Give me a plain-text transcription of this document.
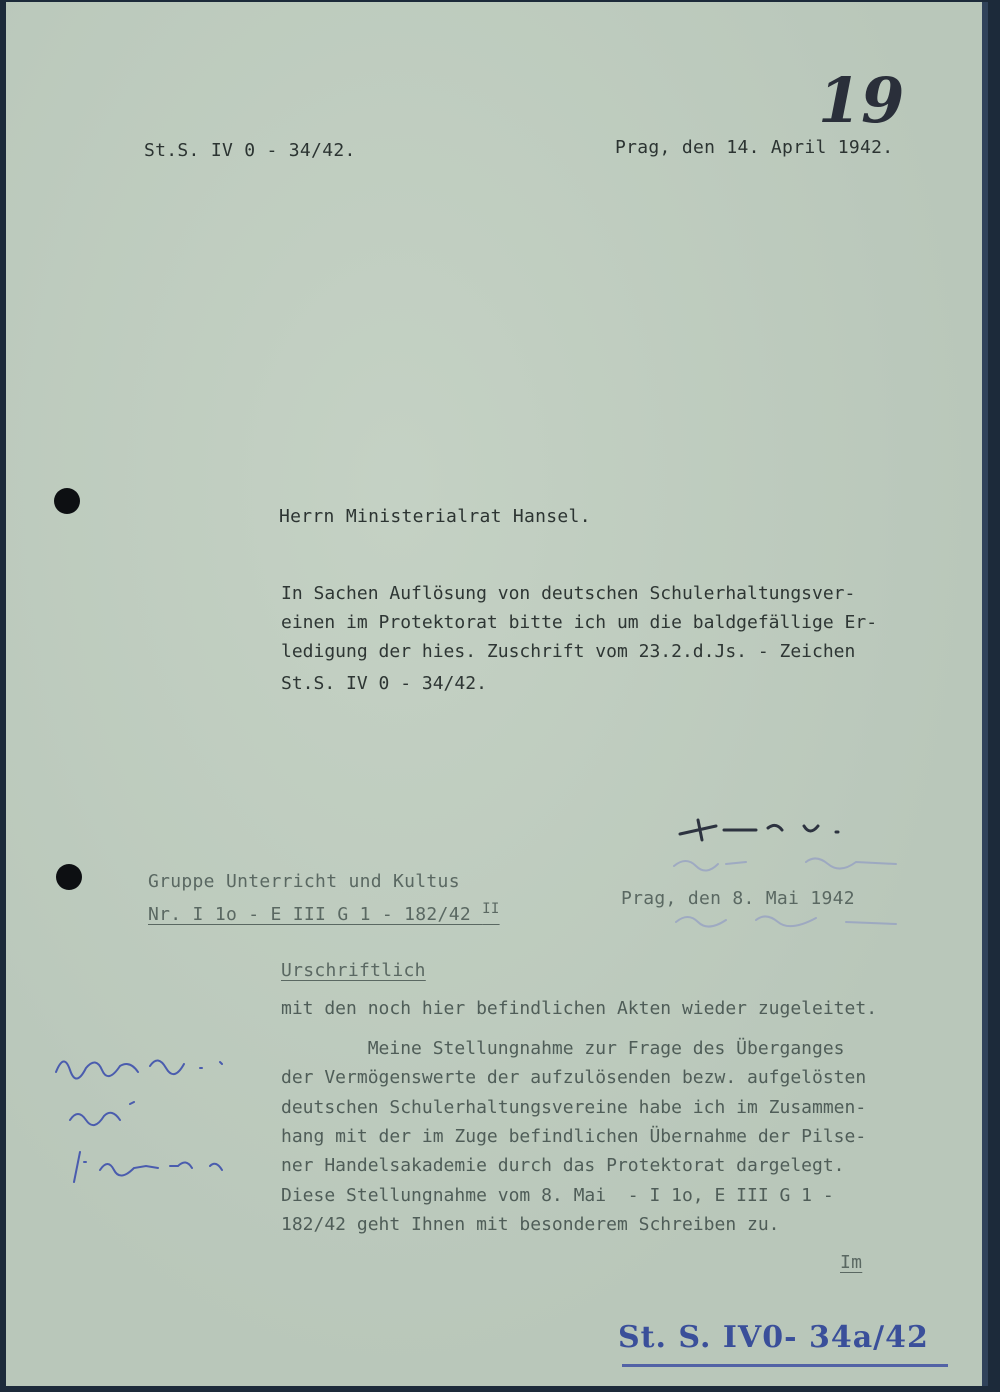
19
St.S. IV 0 - 34/42.	Prag, den 14. April 1942.
Herrn Ministerialrat Hansel.
In Sachen Auflösung von deutschen Schulerhaltungsver-
einen im Protektorat bitte ich um die baldgefällige Er-
ledigung der hies. Zuschrift vom 23.2.d.Js. - Zeichen
St.S. IV 0 - 34/42.
Gruppe Unterricht und Kultus
Nr. I 1o - E III G 1 - 182/42 $^{II}$	Prag, den 8. Mai 1942
Urschriftlich
mit den noch hier befindlichen Akten wieder zugeleitet.
Meine Stellungnahme zur Frage des Überganges
der Vermögenswerte der aufzulösenden bezw. aufgelösten
deutschen Schulerhaltungsvereine habe ich im Zusammen-
hang mit der im Zuge befindlichen Übernahme der Pilse-
ner Handelsakademie durch das Protektorat dargelegt.
Diese Stellungnahme vom 8. Mai  - I 1o, E III G 1 -
182/42 geht Ihnen mit besonderem Schreiben zu.
Im
St. S. IV0- 34a/42
